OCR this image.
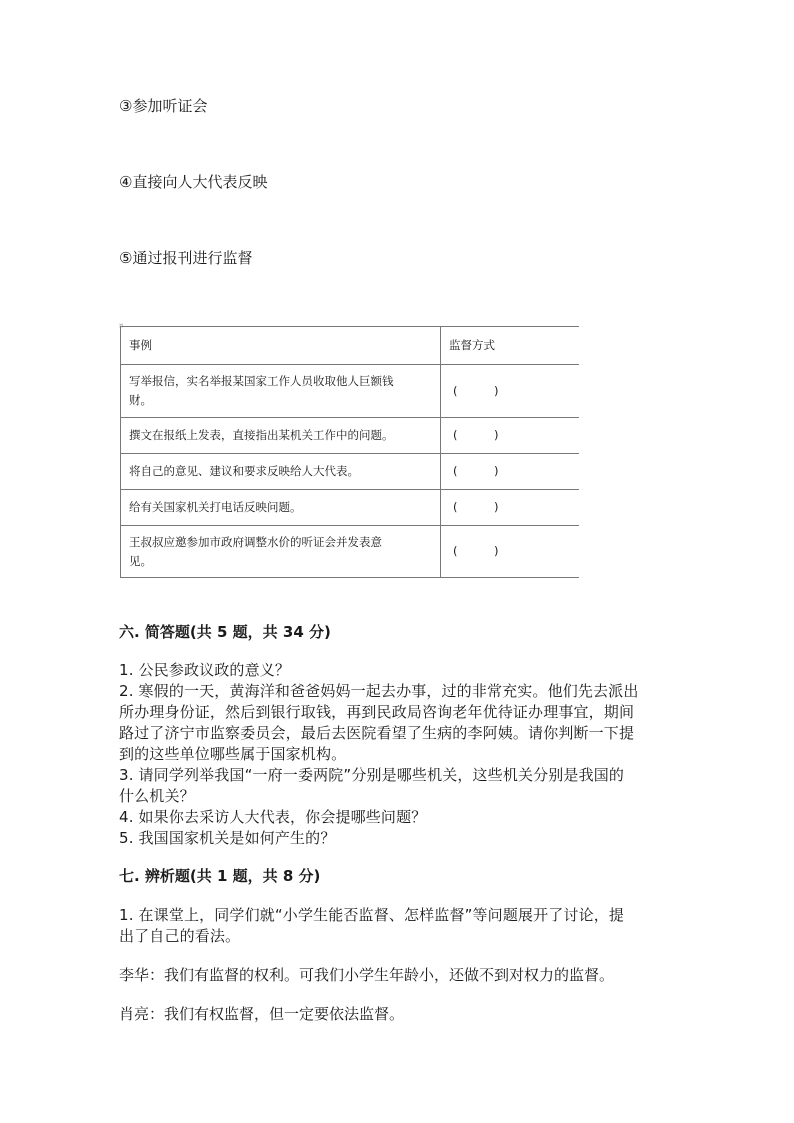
③参加听证会
④直接向人大代表反映
⑤通过报刊进行监督
¤
事例	监督方式

写举报信，实名举报某国家工作人员收取他人巨额钱
财。	(          )

撰文在报纸上发表，直接指出某机关工作中的问题。	(          )

将自己的意见、建议和要求反映给人大代表。	(          )

给有关国家机关打电话反映问题。	(          )

王叔叔应邀参加市政府调整水价的听证会并发表意
见。	(          )
六. 简答题(共 5 题，共 34 分)
1. 公民参政议政的意义？
2. 寒假的一天，黄海洋和爸爸妈妈一起去办事，过的非常充实。他们先去派出
所办理身份证，然后到银行取钱，再到民政局咨询老年优待证办理事宜，期间
路过了济宁市监察委员会，最后去医院看望了生病的李阿姨。请你判断一下提
到的这些单位哪些属于国家机构。
3. 请同学列举我国“一府一委两院”分别是哪些机关，这些机关分别是我国的
什么机关？
4. 如果你去采访人大代表，你会提哪些问题？
5. 我国国家机关是如何产生的？
七. 辨析题(共 1 题，共 8 分)
1. 在课堂上，同学们就“小学生能否监督、怎样监督”等问题展开了讨论，提
出了自己的看法。
李华：我们有监督的权利。可我们小学生年龄小，还做不到对权力的监督。
肖亮：我们有权监督，但一定要依法监督。
